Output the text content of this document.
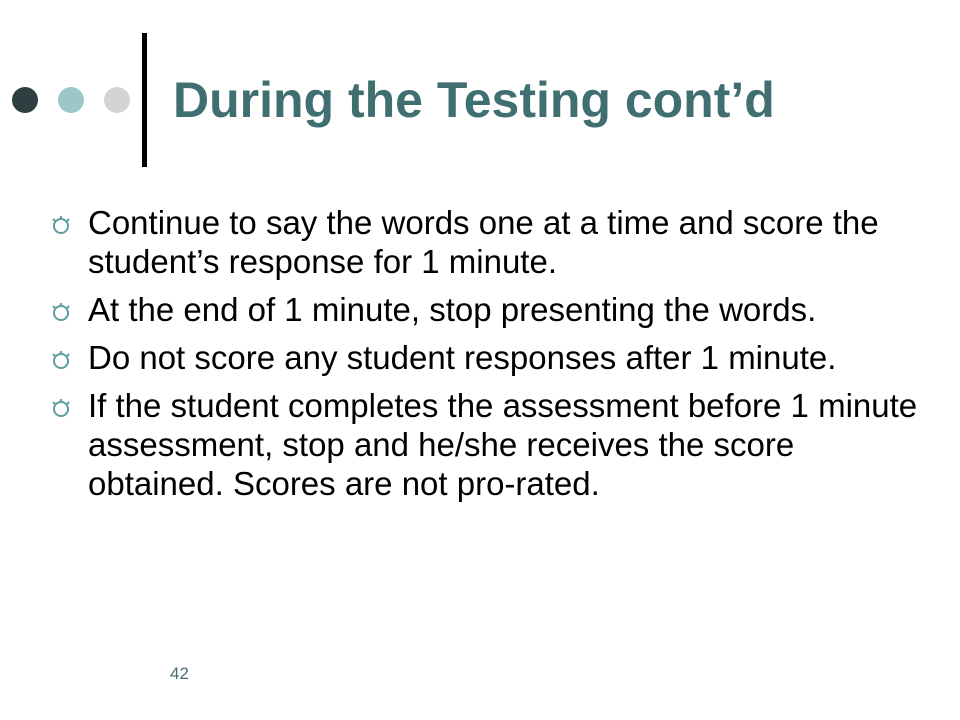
During the Testing cont’d
Continue to say the words one at a time and score the student’s response for 1 minute.
At the end of 1 minute, stop presenting the words.
Do not score any student responses after 1 minute.
If the student completes the assessment before 1 minute assessment, stop and he/she receives the score obtained. Scores are not pro-rated.
42
